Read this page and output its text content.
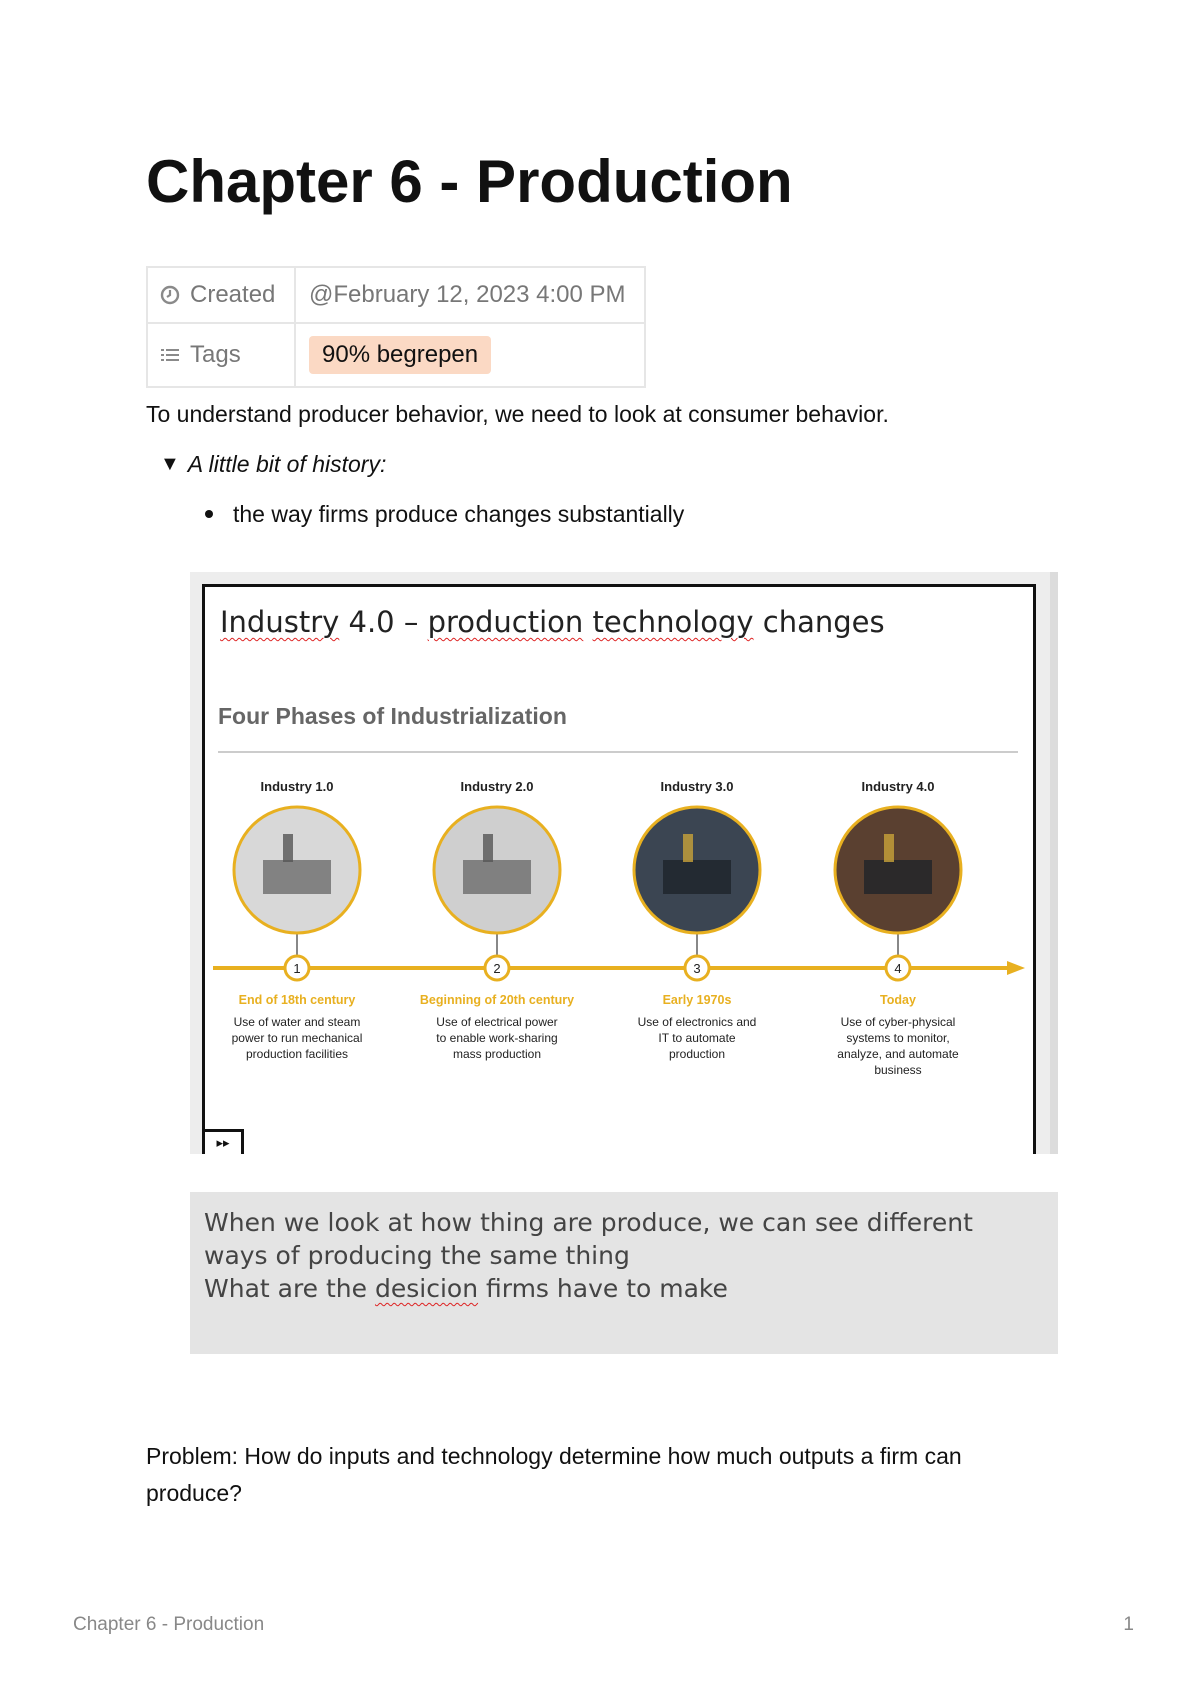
Chapter 6 - Production
Created	@February 12, 2023 4:00 PM

Tags	90% begrepen

To understand producer behavior, we need to look at consumer behavior.

▼ A little bit of history:
the way firms produce changes substantially
Industry 4.0 – production technology changes
Four Phases of Industrialization
Industry 1.0
1
End of 18th century
Use of water and steam power to run mechanical production facilities
Industry 2.0
2
Beginning of 20th century
Use of electrical power to enable work-sharing mass production
Industry 3.0
3
Early 1970s
Use of electronics and IT to automate production
Industry 4.0
4
Today
Use of cyber-physical systems to monitor, analyze, and automate business
▸▸

When we look at how thing are produce, we can see different ways of producing the same thing

What are the desicion firms have to make

Problem: How do inputs and technology determine how much outputs a firm can produce?

Chapter 6 - Production	1
